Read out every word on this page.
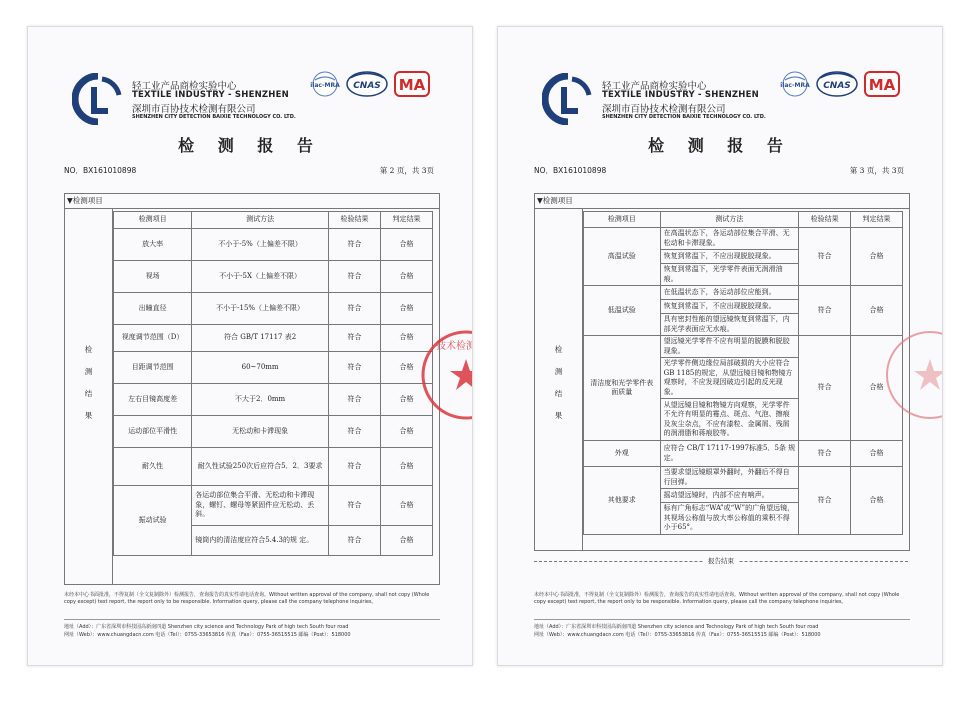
轻工业产品商检实验中心
TEXTILE INDUSTRY - SHENZHEN
深圳市百协技术检测有限公司
SHENZHEN CITY DETECTION BAIXIE TECHNOLOGY CO. LTD.
ilac-MRA CNAS MA
检 测 报 告
NO．BX161010898	第 2 页，共 3页
▼检测项目
检
测
结
果
检测项目	测试方法	检验结果	判定结果
放大率	不小于-5%（上偏差不限）	符合	合格
视场	不小于-5X（上偏差不限）	符合	合格
出瞳直径	不小于-15%（上偏差不限）	符合	合格
视度调节范围（D）	符合 GB/T 17117 表2	符合	合格
目距调节范围	60~70mm	符合	合格
左右目镜高度差	不大于2．0mm	符合	合格
运动部位平滑性	无松动和卡滞现象	符合	合格
耐久性	耐久性试验250次后应符合5．2．3要求	符合	合格
振动试验	各运动部位集合平滑、无松动和卡滞现象，螺钉、螺母等紧固件应无松动、丢斜。	符合	合格
	镜筒内的清洁度应符合5.4.3的规 定。	符合	合格
技术检测专用
未经本中心书面批准，不得复制（全文复制除外）检测报告，查询报告的真实性请电话查询。Without written approval of the company, shall not copy (Whole copy except) test report, the report only to be responsible. Information query, please call the company telephone inquiries。
地址（Add）：广东省深圳市科技园高新南四道 Shenzhen city science and Technology Park of high tech South four road
网址（Web）：www.chuangdacn.com 电话（Tel）：0755-33653816 传真（Fax）：0755-36515515 邮编（Post）：518000
轻工业产品商检实验中心
TEXTILE INDUSTRY - SHENZHEN
深圳市百协技术检测有限公司
SHENZHEN CITY DETECTION BAIXIE TECHNOLOGY CO. LTD.
ilac-MRA CNAS MA
检 测 报 告
NO．BX161010898	第 3 页，共 3页
▼检测项目
检
测
结
果
检测项目	测试方法	检验结果	判定结果
高温试验	在高温状态下，各运动部位集合平滑、无松动和卡滞现象。	符合	合格
	恢复到常温下，不应出现脱胶现象。		
	恢复到常温下，光学零件表面无润滑油痕。		
低温试验	在低温状态下，各运动部位应能到。	符合	合格
	恢复到常温下，不应出现脱胶现象。		
	具有密封性能的望远镜恢复到常温下，内部光学表面应无水痕。		
清洁度和光学零件表面质量	望远镜光学零件不应有明显的脱膜和脱胶现象。	符合	合格
	光学零件侧边缘位局部破损的大小应符合GB 1185的规定，从望远镜目镜和物镜方观察时，不应发现因破边引起的反光现象。		
	从望远镜目镜和物镜方向观察，光学零件不允许有明显的霉点、斑点、气泡、擦痕及灰尘杂点，不应有漆粒、金属屑、残屑的润滑脂和蒋痕胶等。		
外观	应符合 CB/T 17117-1997标准5．5条 规定。	符合	合格
其他要求	当要求望远镜眼罩外翻时，外翻后不得自行回弹。	符合	合格
	摇动望远镜时，内部不应有响声。		
	标有广角标志“WA”或“W”的广角望远镜，其视场公称值与放大率公称值的乘积不得小于65°。		
报告结束
未经本中心书面批准，不得复制（全文复制除外）检测报告，查询报告的真实性请电话查询。Without written approval of the company, shall not copy (Whole copy except) test report, the report only to be responsible. Information query, please call the company telephone inquiries。
地址（Add）：广东省深圳市科技园高新南四道 Shenzhen city science and Technology Park of high tech South four road
网址（Web）：www.chuangdacn.com 电话（Tel）：0755-33653816 传真（Fax）：0755-36515515 邮编（Post）：518000
